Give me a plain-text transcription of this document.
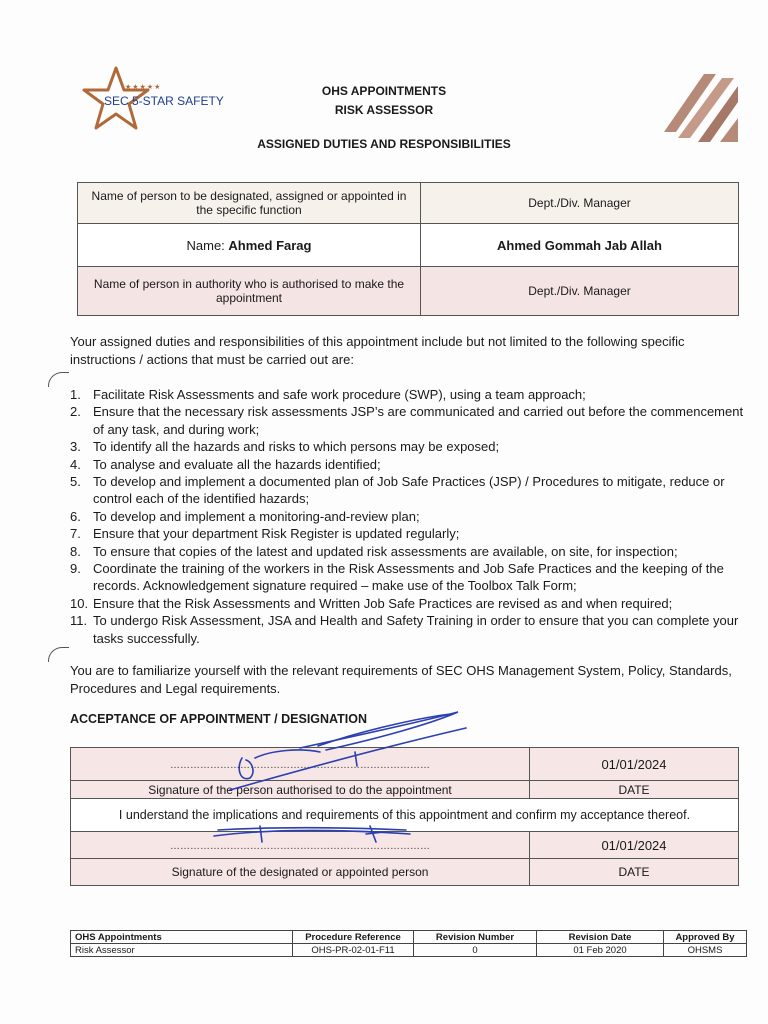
★★★★★
SEC 5-STAR SAFETY
OHS APPOINTMENTS
RISK ASSESSOR
ASSIGNED DUTIES AND RESPONSIBILITIES
Name of person to be designated, assigned or appointed in the specific function	Dept./Div. Manager
Name: Ahmed Farag	Ahmed Gommah Jab Allah
Name of person in authority who is authorised to make the appointment	Dept./Div. Manager
Your assigned duties and responsibilities of this appointment include but not limited to the following specific instructions / actions that must be carried out are:
1. Facilitate Risk Assessments and safe work procedure (SWP), using a team approach;
2. Ensure that the necessary risk assessments JSP’s are communicated and carried out before the commencement of any task, and during work;
3. To identify all the hazards and risks to which persons may be exposed;
4. To analyse and evaluate all the hazards identified;
5. To develop and implement a documented plan of Job Safe Practices (JSP) / Procedures to mitigate, reduce or control each of the identified hazards;
6. To develop and implement a monitoring-and-review plan;
7. Ensure that your department Risk Register is updated regularly;
8. To ensure that copies of the latest and updated risk assessments are available, on site, for inspection;
9. Coordinate the training of the workers in the Risk Assessments and Job Safe Practices and the keeping of the records. Acknowledgement signature required – make use of the Toolbox Talk Form;
10. Ensure that the Risk Assessments and Written Job Safe Practices are revised as and when required;
11. To undergo Risk Assessment, JSA and Health and Safety Training in order to ensure that you can complete your tasks successfully.
You are to familiarize yourself with the relevant requirements of SEC OHS Management System, Policy, Standards, Procedures and Legal requirements.
ACCEPTANCE OF APPOINTMENT / DESIGNATION
……………………………………………………………………	01/01/2024
Signature of the person authorised to do the appointment	DATE
I understand the implications and requirements of this appointment and confirm my acceptance thereof.	
……………………………………………………………………	01/01/2024
Signature of the designated or appointed person	DATE
OHS Appointments	Procedure Reference	Revision Number	Revision Date	Approved By
Risk Assessor	OHS-PR-02-01-F11	0	01 Feb 2020	OHSMS
